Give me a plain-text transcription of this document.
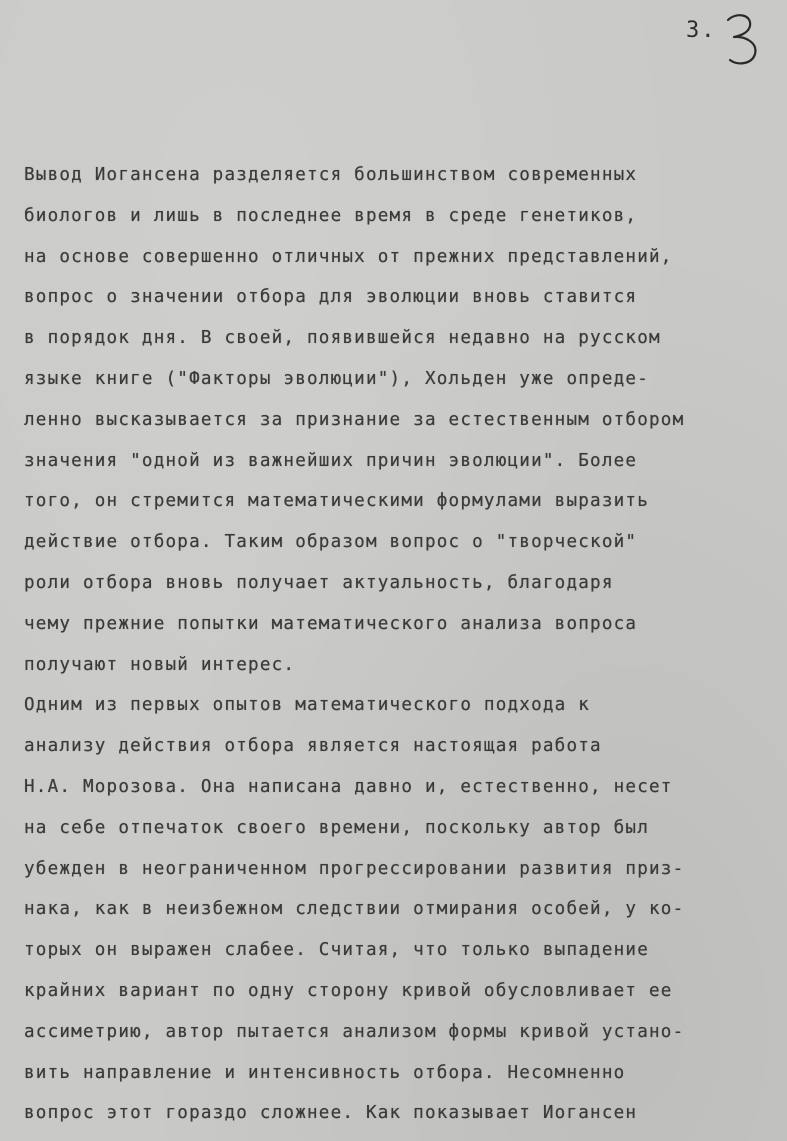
3.
Вывод Иогансена разделяется большинством современных
биологов и лишь в последнее время в среде генетиков,
на основе совершенно отличных от прежних представлений,
вопрос о значении отбора для эволюции вновь ставится
в порядок дня. В своей, появившейся недавно на русском
языке книге ("Факторы эволюции"), Хольден уже опреде-
ленно высказывается за признание за естественным отбором
значения "одной из важнейших причин эволюции". Более
того, он стремится математическими формулами выразить
действие отбора. Таким образом вопрос о "творческой"
роли отбора вновь получает актуальность, благодаря
чему прежние попытки математического анализа вопроса
получают новый интерес.
Одним из первых опытов математического подхода к
анализу действия отбора является настоящая работа
Н.А. Морозова. Она написана давно и, естественно, несет
на себе отпечаток своего времени, поскольку автор был
убежден в неограниченном прогрессировании развития приз-
нака, как в неизбежном следствии отмирания особей, у ко-
торых он выражен слабее. Считая, что только выпадение
крайних вариант по одну сторону кривой обусловливает ее
ассиметрию, автор пытается анализом формы кривой устано-
вить направление и интенсивность отбора. Несомненно
вопрос этот гораздо сложнее. Как показывает Иогансен
